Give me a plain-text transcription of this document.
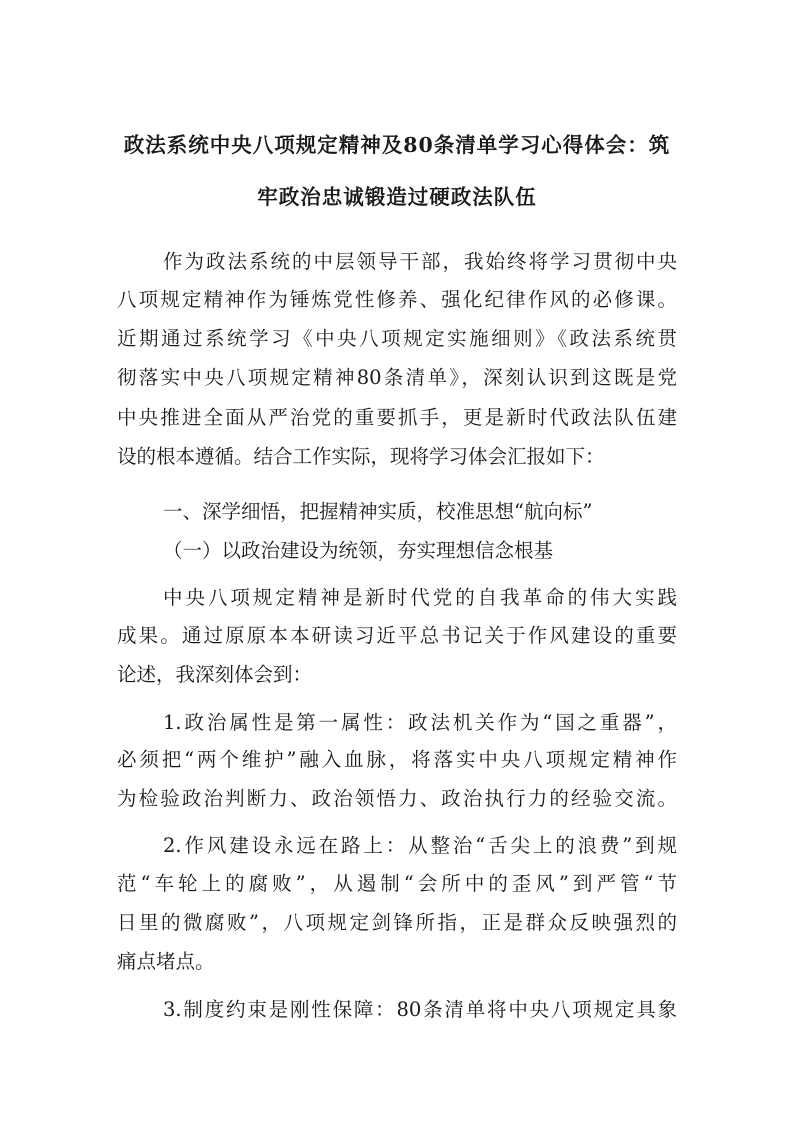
政法系统中央八项规定精神及80条清单学习心得体会：筑
牢政治忠诚锻造过硬政法队伍
作为政法系统的中层领导干部，我始终将学习贯彻中央
八项规定精神作为锤炼党性修养、强化纪律作风的必修课。
近期通过系统学习《中央八项规定实施细则》《政法系统贯
彻落实中央八项规定精神80条清单》，深刻认识到这既是党
中央推进全面从严治党的重要抓手，更是新时代政法队伍建
设的根本遵循。结合工作实际，现将学习体会汇报如下：
一、深学细悟，把握精神实质，校准思想“航向标”
（一）以政治建设为统领，夯实理想信念根基
中央八项规定精神是新时代党的自我革命的伟大实践
成果。通过原原本本研读习近平总书记关于作风建设的重要
论述，我深刻体会到：
1.政治属性是第一属性：政法机关作为“国之重器”，
必须把“两个维护”融入血脉，将落实中央八项规定精神作
为检验政治判断力、政治领悟力、政治执行力的经验交流。
2.作风建设永远在路上：从整治“舌尖上的浪费”到规
范“车轮上的腐败”，从遏制“会所中的歪风”到严管“节
日里的微腐败”，八项规定剑锋所指，正是群众反映强烈的
痛点堵点。
3.制度约束是刚性保障：80条清单将中央八项规定具象
